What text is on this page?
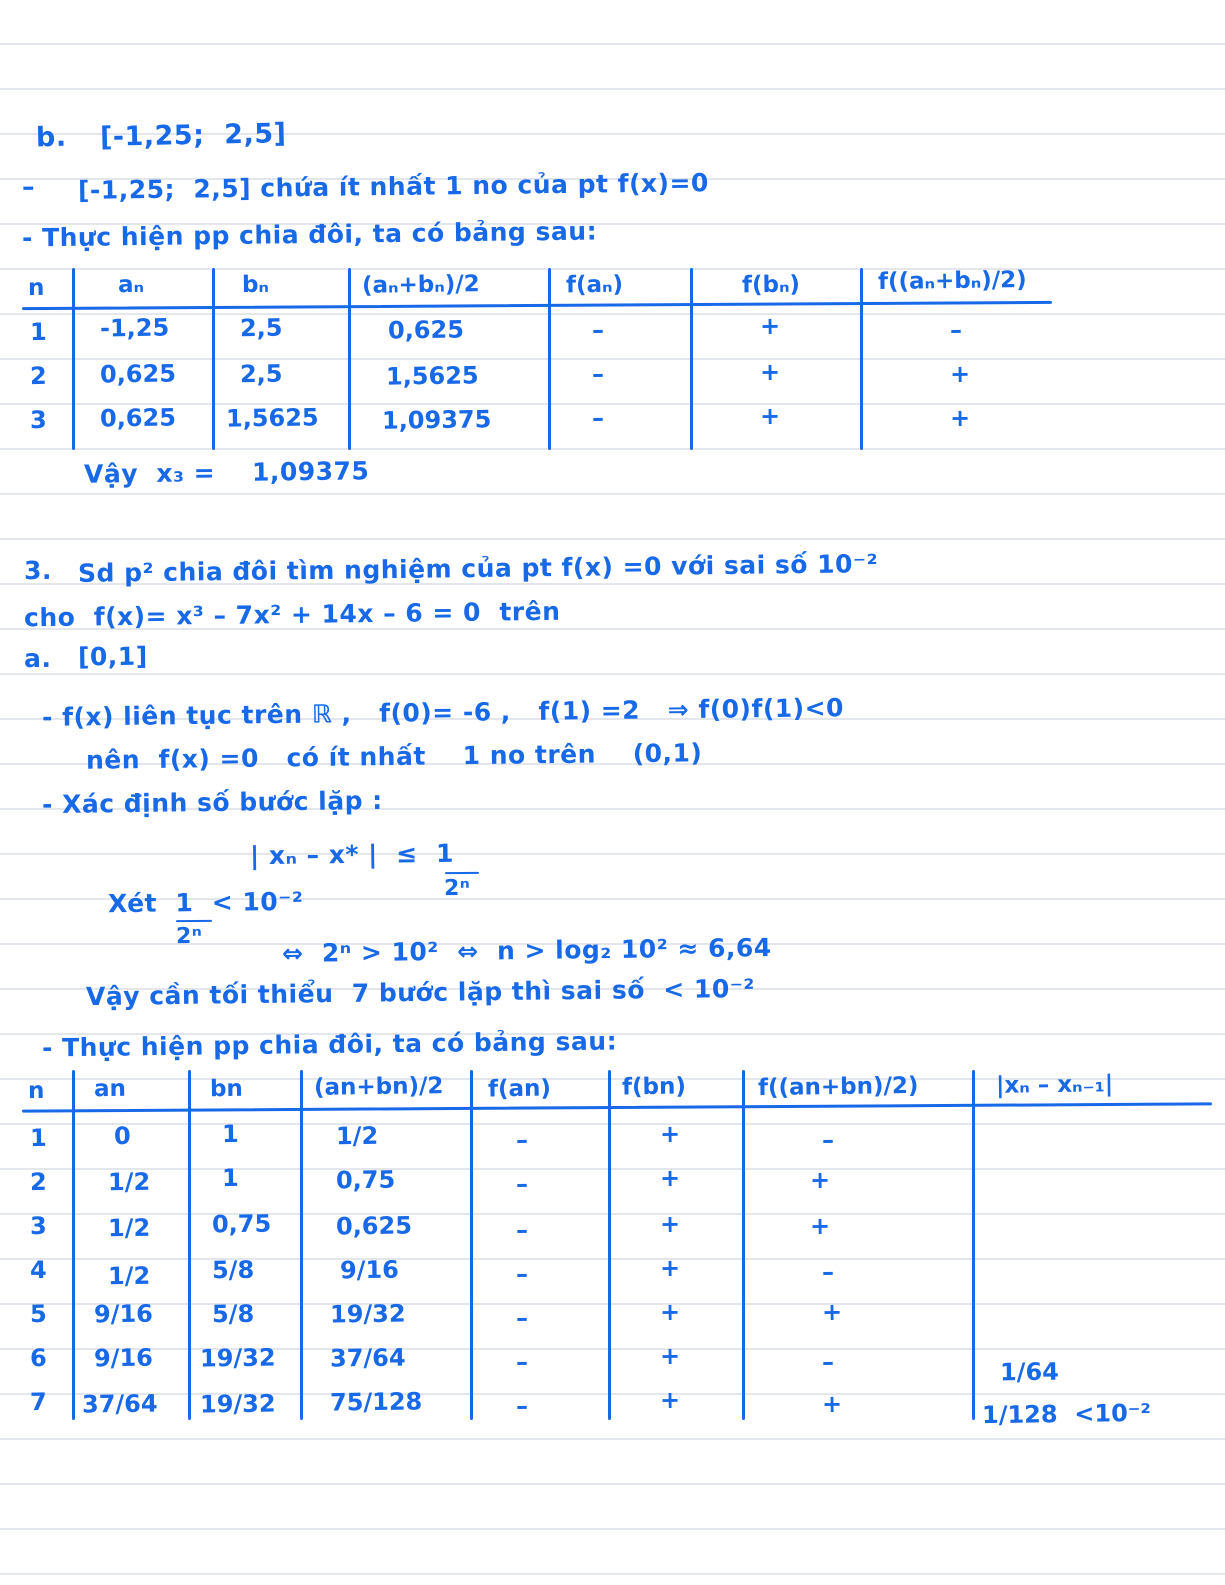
b. [-1,25;  2,5]
– [-1,25;  2,5] chứa ít nhất 1 no của pt f(x)=0
- Thực hiện pp chia đôi, ta có bảng sau:
n	aₙ	bₙ	(aₙ+bₙ)/2	f(aₙ)	f(bₙ)	f((aₙ+bₙ)/2)
1 -1,25	2,5	0,625	–	+	–
2 0,625	2,5	1,5625	–	+	+
3 0,625 1,5625	1,09375	–	+	+
Vậy  x₃ =    1,09375
3. Sd p² chia đôi tìm nghiệm của pt f(x) =0 với sai số 10⁻²
cho  f(x)= x³ – 7x² + 14x – 6 = 0  trên
a. [0,1]
- f(x) liên tục trên ℝ ,   f(0)= -6 ,   f(1) =2   ⇒ f(0)f(1)<0
nên  f(x) =0   có ít nhất    1 no trên    (0,1)
- Xác định số bước lặp :
| xₙ – x* |  ≤  1
2ⁿ
Xét  1  < 10⁻²
2ⁿ	⇔  2ⁿ > 10²  ⇔  n > log₂ 10² ≈ 6,64
Vậy cần tối thiểu  7 bước lặp thì sai số  < 10⁻²
- Thực hiện pp chia đôi, ta có bảng sau:
n an	bn	(an+bn)/2 f(an)	f(bn)	f((an+bn)/2)	|xₙ – xₙ₋₁|
1	0	1	1/2	–	+	–
2	1/2	1	0,75	–	+	+
3	1/2	0,75	0,625	–	+	+
4	1/2	5/8	9/16	–	+	–
5 9/16 5/8	19/32	–	+	+
6 9/16 19/32 37/64	–	+	–	1/64
7 37/64 19/32 75/128	–	+	+	1/128  <10⁻²
